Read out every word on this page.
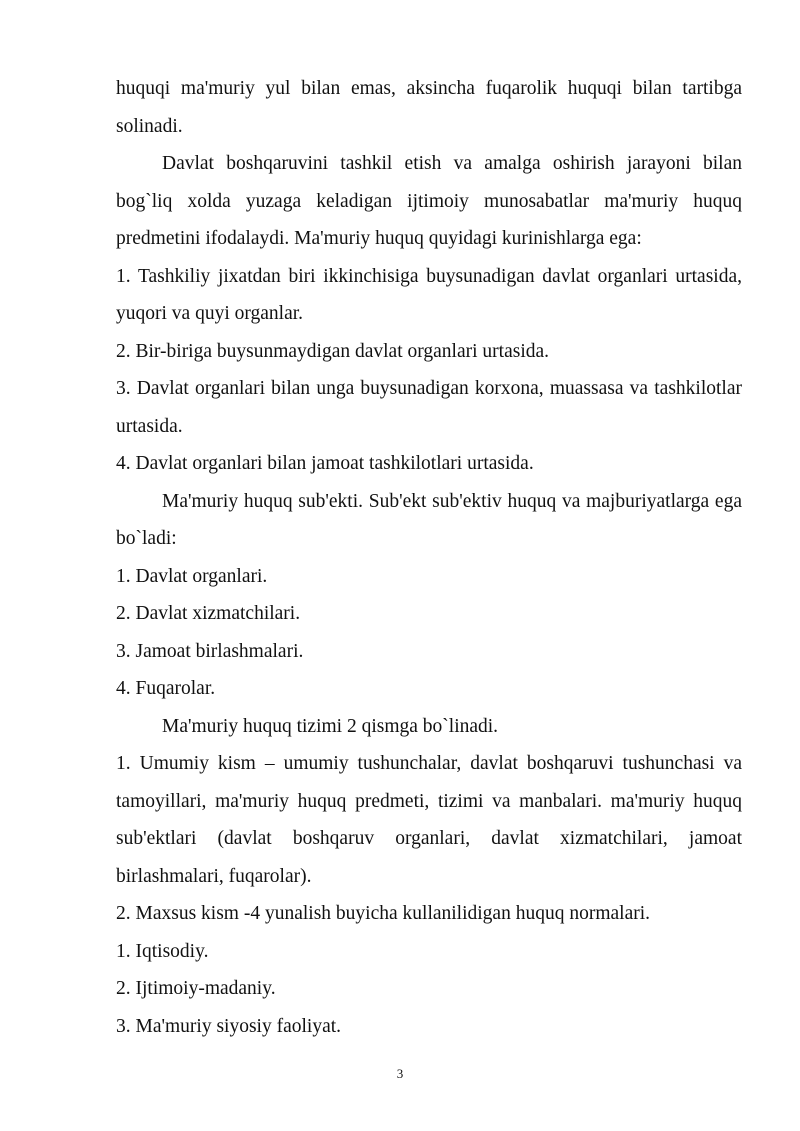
huquqi ma'muriy yul bilan emas, aksincha fuqarolik huquqi bilan tartibga solinadi.

Davlat boshqaruvini tashkil etish va amalga oshirish jarayoni bilan bog`liq xolda yuzaga keladigan ijtimoiy munosabatlar ma'muriy huquq predmetini ifodalaydi. Ma'muriy huquq quyidagi kurinishlarga ega:

1. Tashkiliy jixatdan biri ikkinchisiga buysunadigan davlat organlari urtasida, yuqori va quyi organlar.

2. Bir-biriga buysunmaydigan davlat organlari urtasida.

3. Davlat organlari bilan unga buysunadigan korxona, muassasa va tashkilotlar urtasida.

4. Davlat organlari bilan jamoat tashkilotlari urtasida.

Ma'muriy huquq sub'ekti. Sub'ekt sub'ektiv huquq va majburiyatlarga ega bo`ladi:

1. Davlat organlari.

2. Davlat xizmatchilari.

3. Jamoat birlashmalari.

4. Fuqarolar.

Ma'muriy huquq tizimi 2 qismga bo`linadi.

1. Umumiy kism – umumiy tushunchalar, davlat boshqaruvi tushunchasi va tamoyillari, ma'muriy huquq predmeti, tizimi va manbalari. ma'muriy huquq sub'ektlari (davlat boshqaruv organlari, davlat xizmatchilari, jamoat birlashmalari, fuqarolar).

2. Maxsus kism -4 yunalish buyicha kullanilidigan huquq normalari.

1. Iqtisodiy.

2. Ijtimoiy-madaniy.

3. Ma'muriy siyosiy faoliyat.

3
